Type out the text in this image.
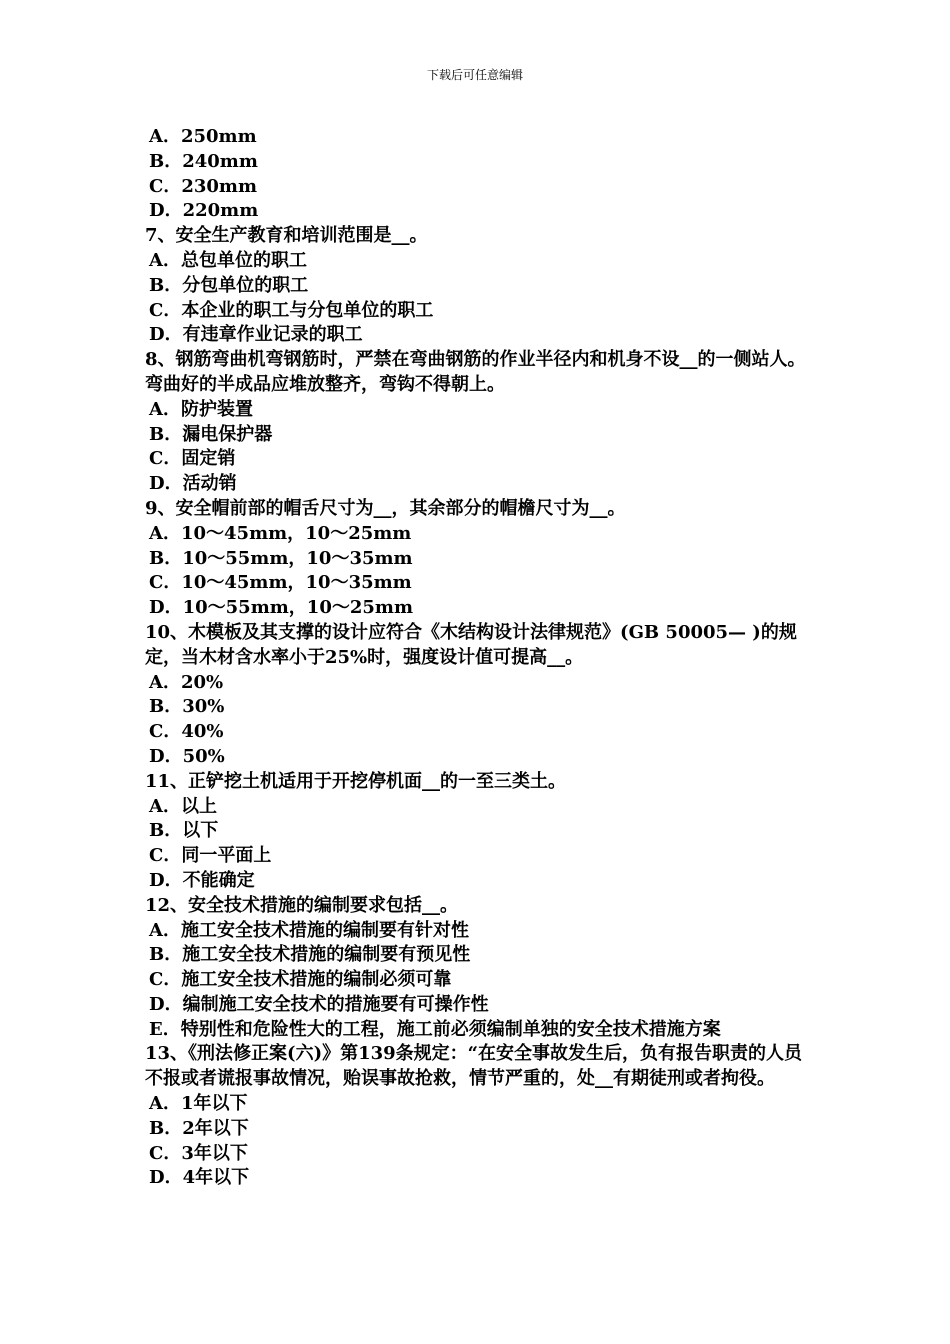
下载后可任意编辑

A．250mm

B．240mm

C．230mm

D．220mm

7、安全生产教育和培训范围是__。

A．总包单位的职工

B．分包单位的职工

C．本企业的职工与分包单位的职工

D．有违章作业记录的职工

8、钢筋弯曲机弯钢筋时，严禁在弯曲钢筋的作业半径内和机身不设__的一侧站人。弯曲好的半成品应堆放整齐，弯钩不得朝上。

A．防护装置

B．漏电保护器

C．固定销

D．活动销

9、安全帽前部的帽舌尺寸为__，其余部分的帽檐尺寸为__。

A．10～45mm，10～25mm

B．10～55mm，10～35mm

C．10～45mm，10～35mm

D．10～55mm，10～25mm

10、木模板及其支撑的设计应符合《木结构设计法律规范》(GB 50005— )的规定，当木材含水率小于25%时，强度设计值可提高__。

A．20%

B．30%

C．40%

D．50%

11、正铲挖土机适用于开挖停机面__的一至三类土。

A．以上

B．以下

C．同一平面上

D．不能确定

12、安全技术措施的编制要求包括__。

A．施工安全技术措施的编制要有针对性

B．施工安全技术措施的编制要有预见性

C．施工安全技术措施的编制必须可靠

D．编制施工安全技术的措施要有可操作性

E．特别性和危险性大的工程，施工前必须编制单独的安全技术措施方案

13、《刑法修正案(六)》第139条规定：“在安全事故发生后，负有报告职责的人员不报或者谎报事故情况，贻误事故抢救，情节严重的，处__有期徒刑或者拘役。

A．1年以下

B．2年以下

C．3年以下

D．4年以下
